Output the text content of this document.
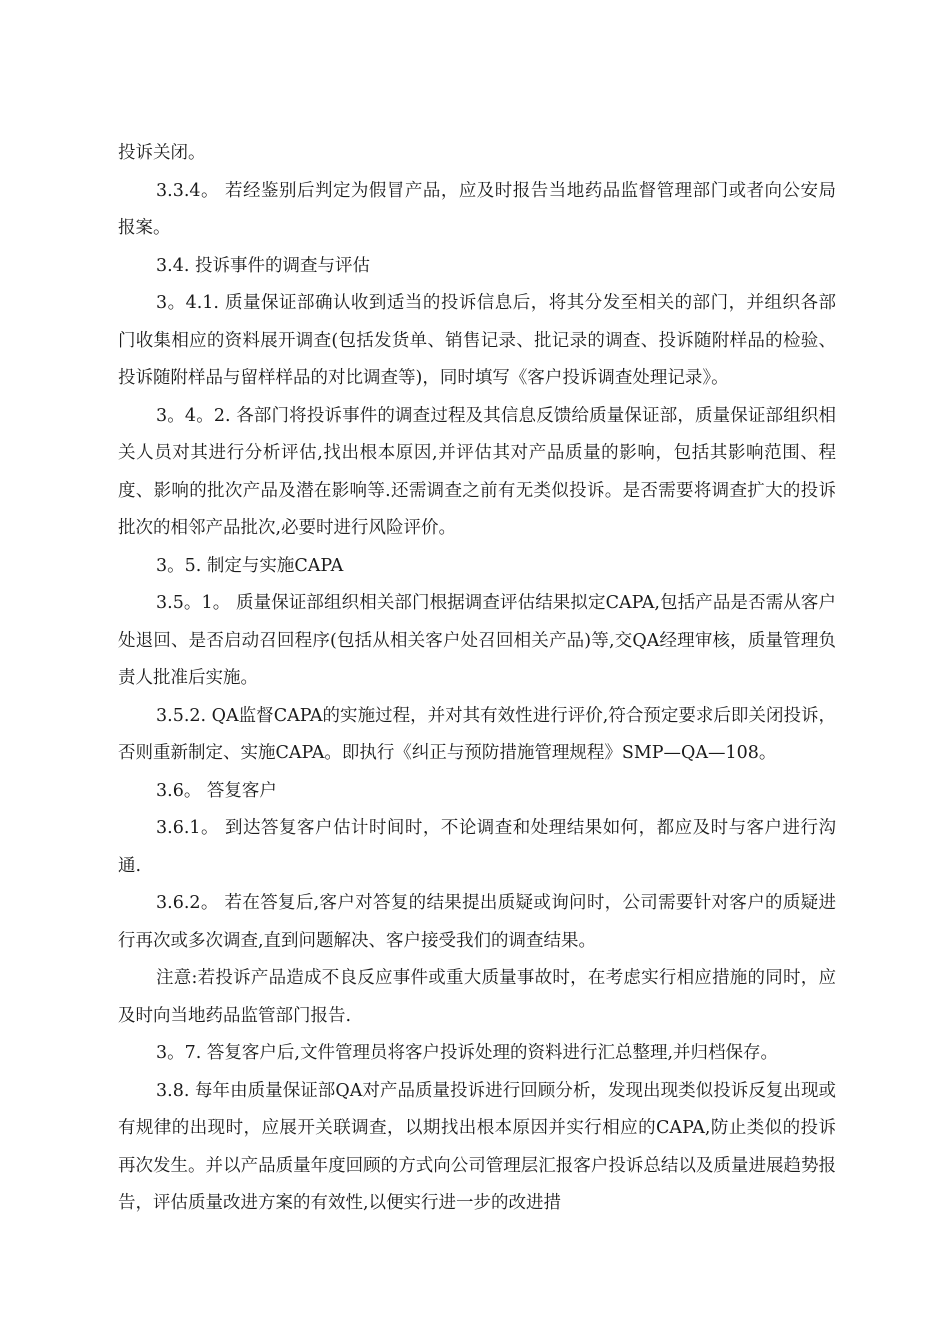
投诉关闭。

3.3.4。 若经鉴别后判定为假冒产品，应及时报告当地药品监督管理部门或者向公安局报案。

3.4. 投诉事件的调查与评估

3。4.1. 质量保证部确认收到适当的投诉信息后，将其分发至相关的部门，并组织各部门收集相应的资料展开调查(包括发货单、销售记录、批记录的调查、投诉随附样品的检验、投诉随附样品与留样样品的对比调查等)，同时填写《客户投诉调查处理记录》。

3。4。2. 各部门将投诉事件的调查过程及其信息反馈给质量保证部，质量保证部组织相关人员对其进行分析评估,找出根本原因,并评估其对产品质量的影响，包括其影响范围、程度、影响的批次产品及潜在影响等.还需调查之前有无类似投诉。是否需要将调查扩大的投诉批次的相邻产品批次,必要时进行风险评价。

3。5. 制定与实施CAPA

3.5。1。 质量保证部组织相关部门根据调查评估结果拟定CAPA,包括产品是否需从客户处退回、是否启动召回程序(包括从相关客户处召回相关产品)等,交QA经理审核，质量管理负责人批准后实施。

3.5.2. QA监督CAPA的实施过程，并对其有效性进行评价,符合预定要求后即关闭投诉，否则重新制定、实施CAPA。即执行《纠正与预防措施管理规程》SMP—QA—108。

3.6。 答复客户

3.6.1。 到达答复客户估计时间时，不论调查和处理结果如何，都应及时与客户进行沟通.

3.6.2。 若在答复后,客户对答复的结果提出质疑或询问时，公司需要针对客户的质疑进行再次或多次调查,直到问题解决、客户接受我们的调查结果。

注意:若投诉产品造成不良反应事件或重大质量事故时，在考虑实行相应措施的同时，应及时向当地药品监管部门报告.

3。7. 答复客户后,文件管理员将客户投诉处理的资料进行汇总整理,并归档保存。

3.8. 每年由质量保证部QA对产品质量投诉进行回顾分析，发现出现类似投诉反复出现或有规律的出现时，应展开关联调查，以期找出根本原因并实行相应的CAPA,防止类似的投诉再次发生。并以产品质量年度回顾的方式向公司管理层汇报客户投诉总结以及质量进展趋势报告，评估质量改进方案的有效性,以便实行进一步的改进措
